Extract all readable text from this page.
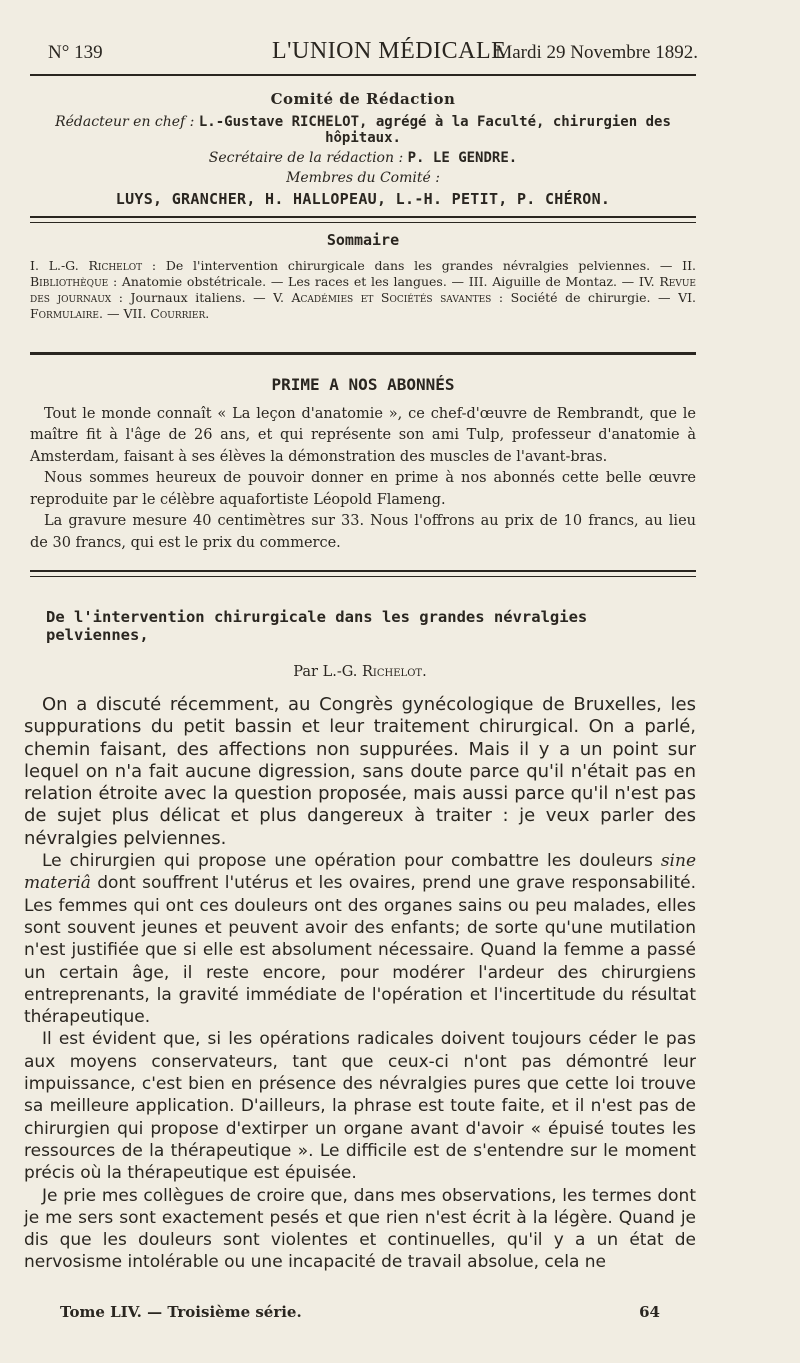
N° 139	L'UNION MÉDICALE
Mardi 29 Novembre 1892.
Comité de Rédaction
Rédacteur en chef : L.-Gustave RICHELOT, agrégé à la Faculté, chirurgien des hôpitaux.
Secrétaire de la rédaction : P. LE GENDRE.
Membres du Comité :
LUYS, GRANCHER, H. HALLOPEAU, L.-H. PETIT, P. CHÉRON.
Sommaire

I. L.-G. Richelot : De l'intervention chirurgicale dans les grandes névralgies pelviennes. — II. Bibliothèque : Anatomie obstétricale. — Les races et les langues. — III. Aiguille de Montaz. — IV. Revue des journaux : Journaux italiens. — V. Académies et Sociétés savantes : Société de chirurgie. — VI. Formulaire. — VII. Courrier.

PRIME A NOS ABONNÉS

Tout le monde connaît « La leçon d'anatomie », ce chef-d'œuvre de Rembrandt, que le maître fit à l'âge de 26 ans, et qui représente son ami Tulp, professeur d'anatomie à Amsterdam, faisant à ses élèves la démonstration des muscles de l'avant-bras.

Nous sommes heureux de pouvoir donner en prime à nos abonnés cette belle œuvre reproduite par le célèbre aquafortiste Léopold Flameng.

La gravure mesure 40 centimètres sur 33. Nous l'offrons au prix de 10 francs, au lieu de 30 francs, qui est le prix du commerce.

De l'intervention chirurgicale dans les grandes névralgies pelviennes,
Par L.-G. Richelot.

On a discuté récemment, au Congrès gynécologique de Bruxelles, les suppurations du petit bassin et leur traitement chirurgical. On a parlé, chemin faisant, des affections non suppurées. Mais il y a un point sur lequel on n'a fait aucune digression, sans doute parce qu'il n'était pas en relation étroite avec la question proposée, mais aussi parce qu'il n'est pas de sujet plus délicat et plus dangereux à traiter : je veux parler des névralgies pelviennes.

Le chirurgien qui propose une opération pour combattre les douleurs sine materiâ dont souffrent l'utérus et les ovaires, prend une grave responsabilité. Les femmes qui ont ces douleurs ont des organes sains ou peu malades, elles sont souvent jeunes et peuvent avoir des enfants; de sorte qu'une mutilation n'est justifiée que si elle est absolument nécessaire. Quand la femme a passé un certain âge, il reste encore, pour modérer l'ardeur des chirurgiens entreprenants, la gravité immédiate de l'opération et l'incertitude du résultat thérapeutique.

Il est évident que, si les opérations radicales doivent toujours céder le pas aux moyens conservateurs, tant que ceux-ci n'ont pas démontré leur impuissance, c'est bien en présence des névralgies pures que cette loi trouve sa meilleure application. D'ailleurs, la phrase est toute faite, et il n'est pas de chirurgien qui propose d'extirper un organe avant d'avoir « épuisé toutes les ressources de la thérapeutique ». Le difficile est de s'entendre sur le moment précis où la thérapeutique est épuisée.

Je prie mes collègues de croire que, dans mes observations, les termes dont je me sers sont exactement pesés et que rien n'est écrit à la légère. Quand je dis que les douleurs sont violentes et continuelles, qu'il y a un état de nervosisme intolérable ou une incapacité de travail absolue, cela ne

Tome LIV. — Troisième série.	64
